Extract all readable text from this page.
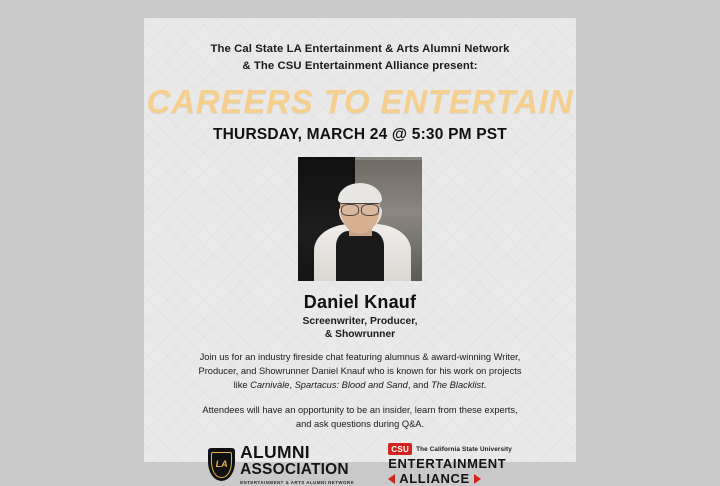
The Cal State LA Entertainment & Arts Alumni Network
& The CSU Entertainment Alliance present:
CAREERS TO ENTERTAIN
THURSDAY, MARCH 24 @ 5:30 PM PST
Daniel Knauf
Screenwriter, Producer,
& Showrunner
Join us for an industry fireside chat featuring alumnus & award-winning Writer, Producer, and Showrunner Daniel Knauf who is known for his work on projects like Carnivàle, Spartacus: Blood and Sand, and The Blacklist.
Attendees will have an opportunity to be an insider, learn from these experts, and ask questions during Q&A.
LA
ALUMNI
ASSOCIATION
ENTERTAINMENT & ARTS ALUMNI NETWORK
CSU	The California State University
ENTERTAINMENT
ALLIANCE
